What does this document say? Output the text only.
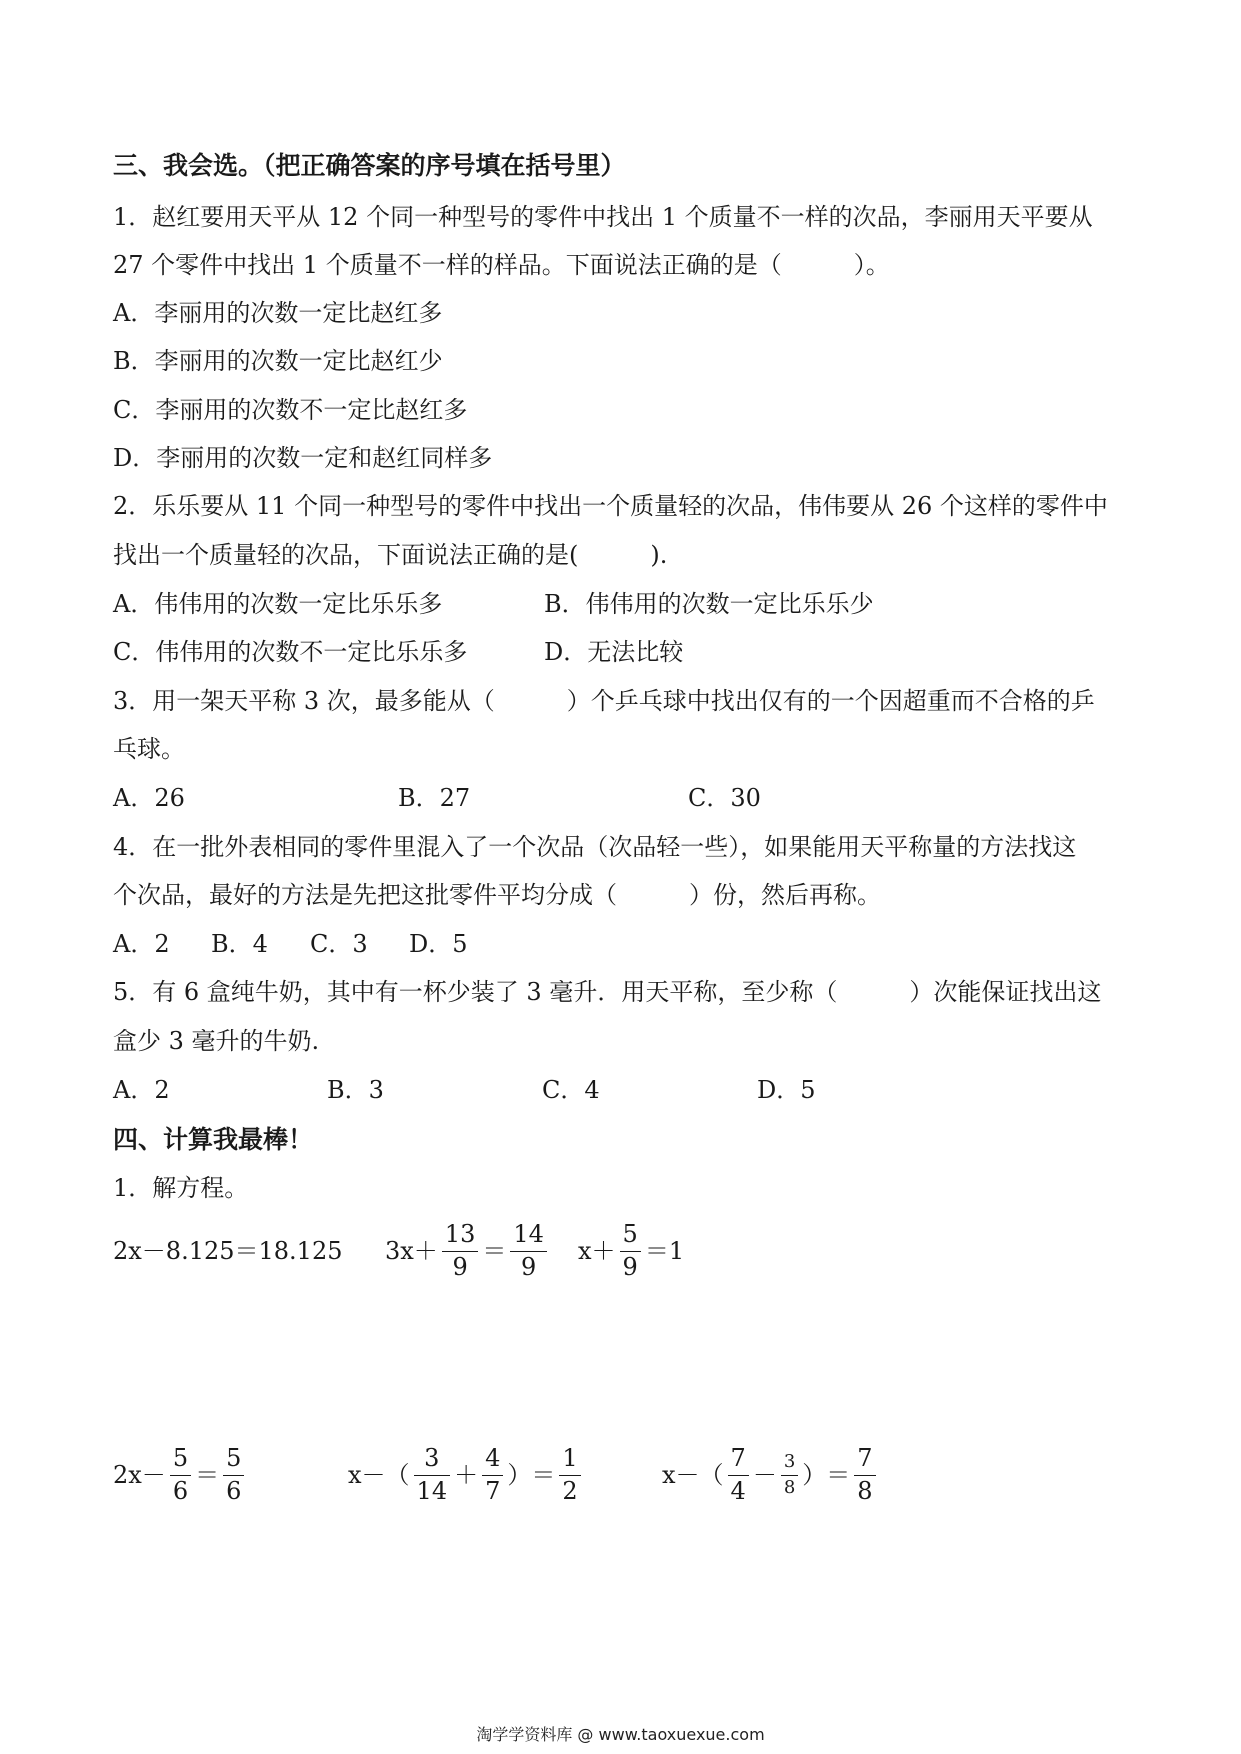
三、我会选。（把正确答案的序号填在括号里）
1．赵红要用天平从 12 个同一种型号的零件中找出 1 个质量不一样的次品，李丽用天平要从
27 个零件中找出 1 个质量不一样的样品。下面说法正确的是（　　　）。
A．李丽用的次数一定比赵红多
B．李丽用的次数一定比赵红少
C．李丽用的次数不一定比赵红多
D．李丽用的次数一定和赵红同样多
2．乐乐要从 11 个同一种型号的零件中找出一个质量轻的次品，伟伟要从 26 个这样的零件中
找出一个质量轻的次品，下面说法正确的是(　　　).
A．伟伟用的次数一定比乐乐多	B．伟伟用的次数一定比乐乐少
C．伟伟用的次数不一定比乐乐多	D．无法比较
3．用一架天平称 3 次，最多能从（　　　）个乒乓球中找出仅有的一个因超重而不合格的乒
乓球。
A．26	B．27	C．30
4．在一批外表相同的零件里混入了一个次品（次品轻一些），如果能用天平称量的方法找这
个次品，最好的方法是先把这批零件平均分成（　　　）份，然后再称。
A．2 B．4 C．3 D．5
5．有 6 盒纯牛奶，其中有一杯少装了 3 毫升．用天平称，至少称（　　　）次能保证找出这
盒少 3 毫升的牛奶.
A．2	B．3	C．4	D．5
四、计算我最棒！
1．解方程。
2x－8.125＝18.125 $3x+ \frac{13}{9} = \frac{14}{9} x+ \frac{5}{9} =1$
$2x- \frac{5}{6} = \frac{5}{6}$	$x-( \frac{3}{14} + \frac{4}{7}$ ）＝ $\frac{1}{2}$	$x-( \frac{7}{4} - \frac{3}{8}$ ）＝ $\frac{7}{8}$
淘学学资料库 @ www.taoxuexue.com
